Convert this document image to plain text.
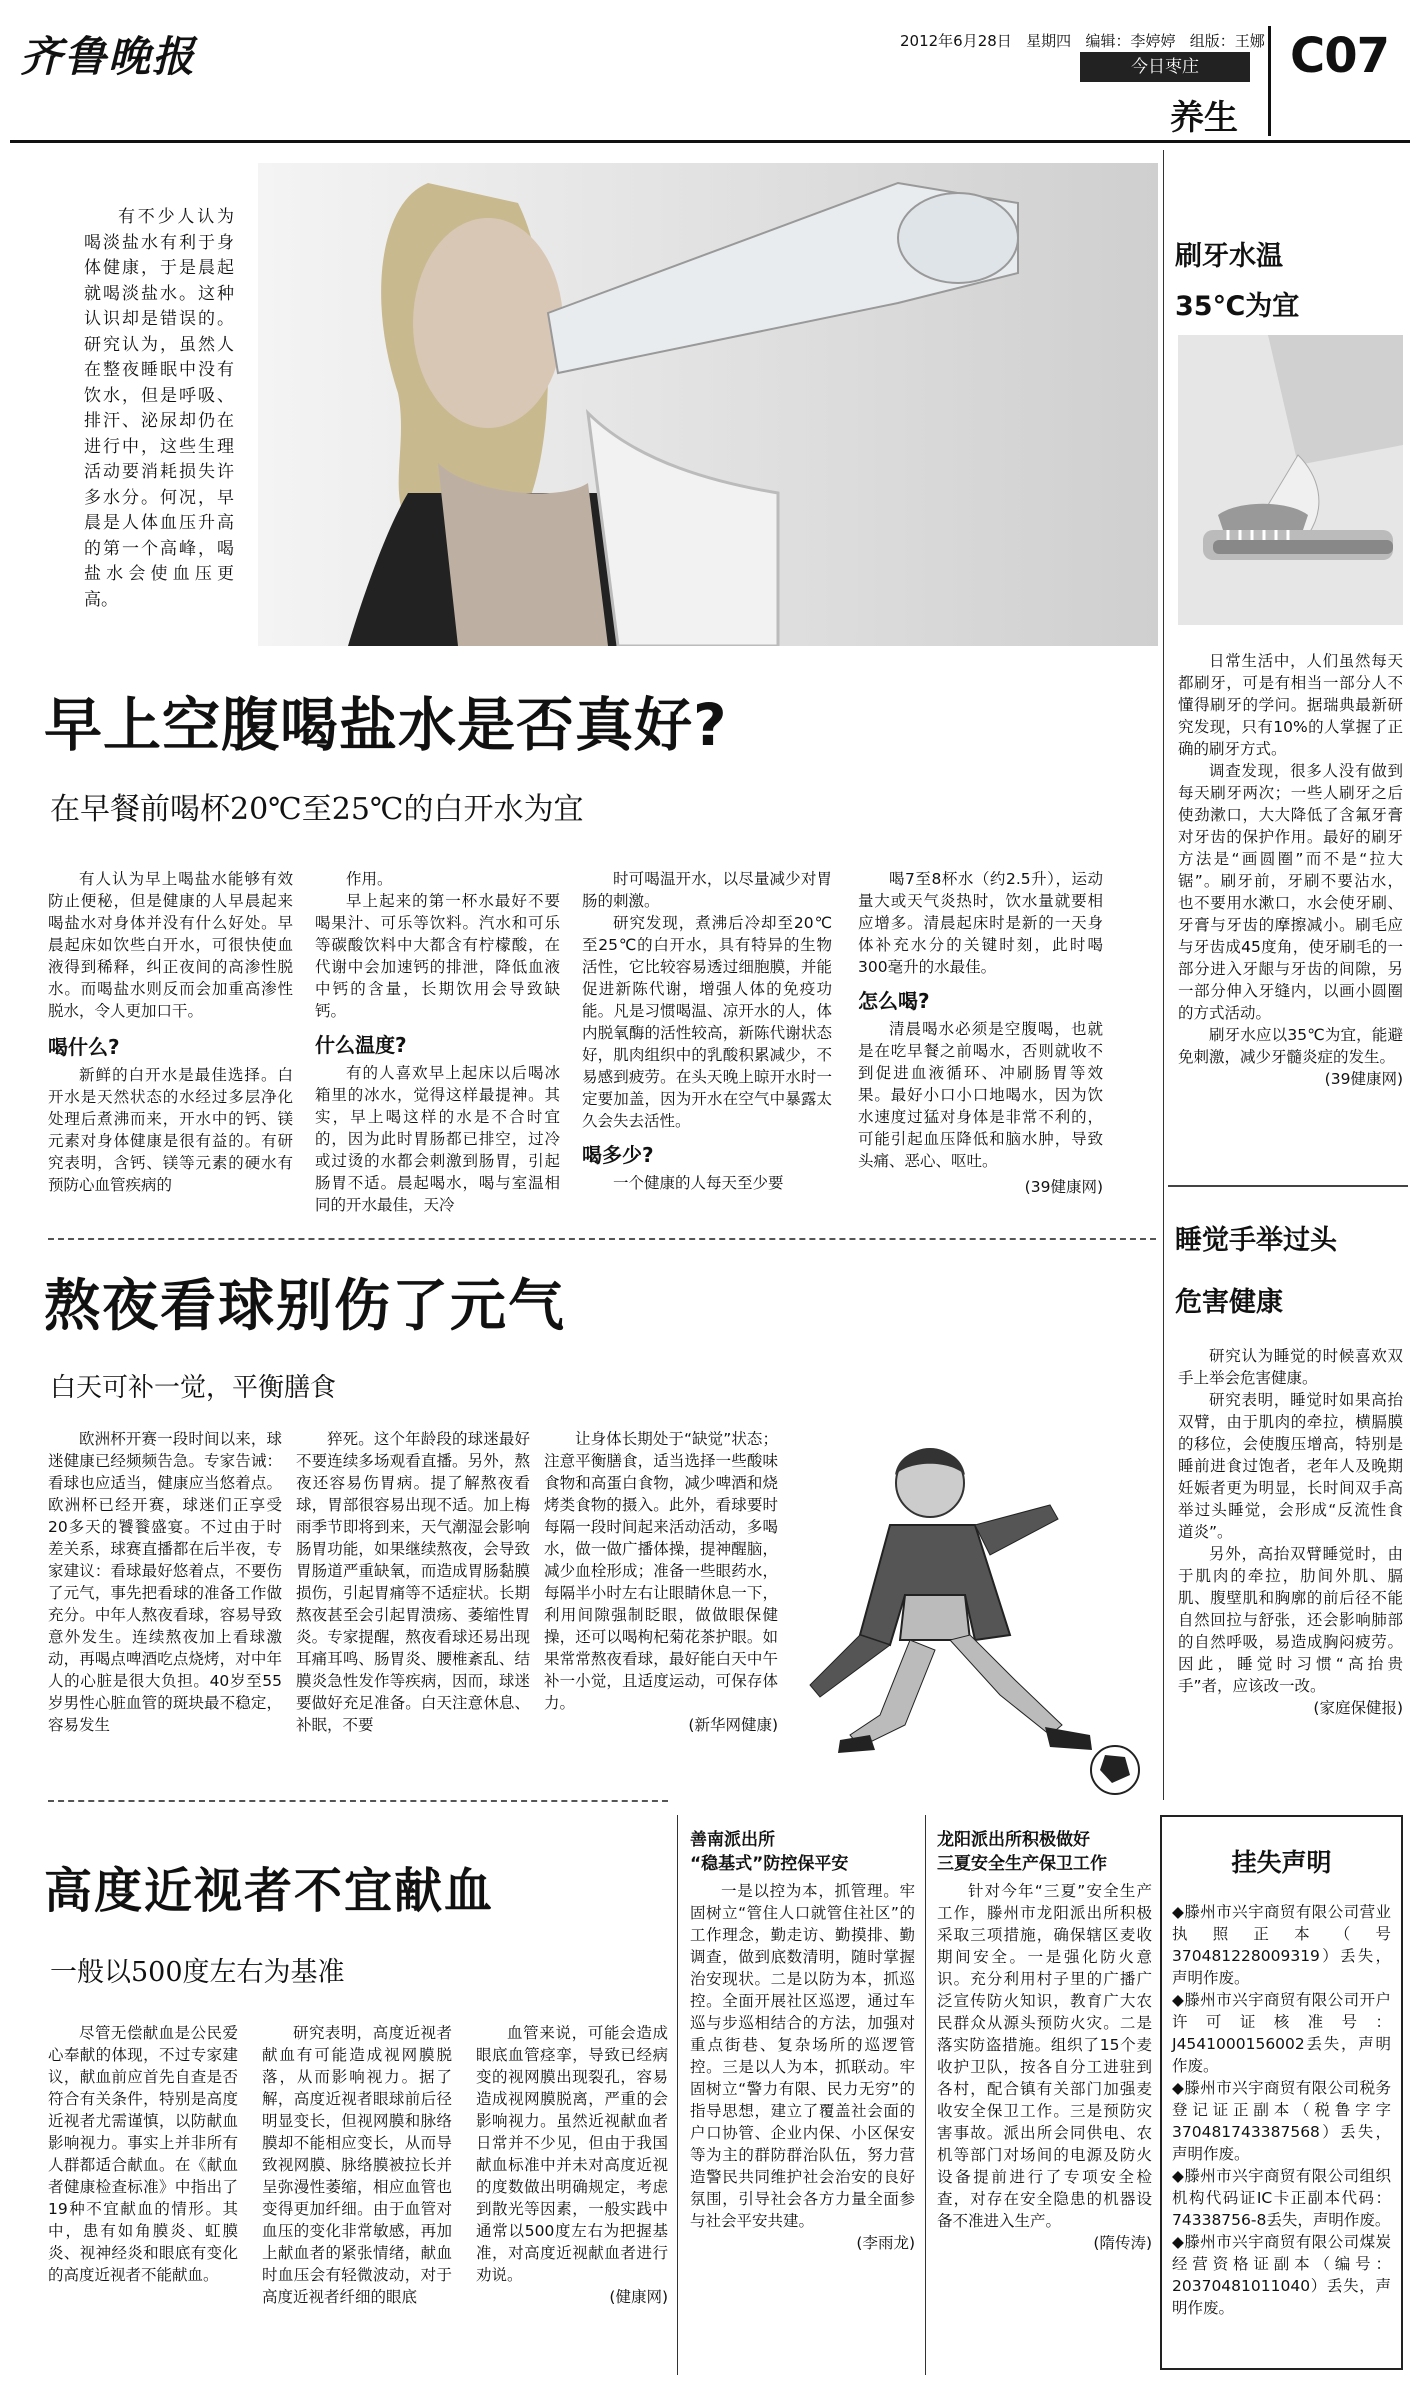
齐鲁晚报	2012年6月28日 星期四 编辑：李婷婷 组版：王娜
今日枣庄
养生
C07

有不少人认为喝淡盐水有利于身体健康，于是晨起就喝淡盐水。这种认识却是错误的。研究认为，虽然人在整夜睡眠中没有饮水，但是呼吸、排汗、泌尿却仍在进行中，这些生理活动要消耗损失许多水分。何况，早晨是人体血压升高的第一个高峰，喝盐水会使血压更高。

早上空腹喝盐水是否真好?
在早餐前喝杯20℃至25℃的白开水为宜

有人认为早上喝盐水能够有效防止便秘，但是健康的人早晨起来喝盐水对身体并没有什么好处。早晨起床如饮些白开水，可很快使血液得到稀释，纠正夜间的高渗性脱水。而喝盐水则反而会加重高渗性脱水，令人更加口干。

喝什么?

新鲜的白开水是最佳选择。白开水是天然状态的水经过多层净化处理后煮沸而来，开水中的钙、镁元素对身体健康是很有益的。有研究表明，含钙、镁等元素的硬水有预防心血管疾病的

作用。

早上起来的第一杯水最好不要喝果汁、可乐等饮料。汽水和可乐等碳酸饮料中大都含有柠檬酸，在代谢中会加速钙的排泄，降低血液中钙的含量，长期饮用会导致缺钙。

什么温度?

有的人喜欢早上起床以后喝冰箱里的冰水，觉得这样最提神。其实，早上喝这样的水是不合时宜的，因为此时胃肠都已排空，过冷或过烫的水都会刺激到肠胃，引起肠胃不适。晨起喝水，喝与室温相同的开水最佳，天冷

时可喝温开水，以尽量减少对胃肠的刺激。

研究发现，煮沸后冷却至20℃至25℃的白开水，具有特异的生物活性，它比较容易透过细胞膜，并能促进新陈代谢，增强人体的免疫功能。凡是习惯喝温、凉开水的人，体内脱氧酶的活性较高，新陈代谢状态好，肌肉组织中的乳酸积累减少，不易感到疲劳。在头天晚上晾开水时一定要加盖，因为开水在空气中暴露太久会失去活性。

喝多少?

一个健康的人每天至少要

喝7至8杯水（约2.5升），运动量大或天气炎热时，饮水量就要相应增多。清晨起床时是新的一天身体补充水分的关键时刻，此时喝300毫升的水最佳。

怎么喝?

清晨喝水必须是空腹喝，也就是在吃早餐之前喝水，否则就收不到促进血液循环、冲刷肠胃等效果。最好小口小口地喝水，因为饮水速度过猛对身体是非常不利的，可能引起血压降低和脑水肿，导致头痛、恶心、呕吐。

(39健康网)
刷牙水温
35℃为宜

日常生活中，人们虽然每天都刷牙，可是有相当一部分人不懂得刷牙的学问。据瑞典最新研究发现，只有10%的人掌握了正确的刷牙方式。

调查发现，很多人没有做到每天刷牙两次；一些人刷牙之后使劲漱口，大大降低了含氟牙膏对牙齿的保护作用。最好的刷牙方法是“画圆圈”而不是“拉大锯”。刷牙前，牙刷不要沾水，也不要用水漱口，水会使牙刷、牙膏与牙齿的摩擦减小。刷毛应与牙齿成45度角，使牙刷毛的一部分进入牙龈与牙齿的间隙，另一部分伸入牙缝内，以画小圆圈的方式活动。

刷牙水应以35℃为宜，能避免刺激，减少牙髓炎症的发生。

(39健康网)
睡觉手举过头
危害健康

研究认为睡觉的时候喜欢双手上举会危害健康。

研究表明，睡觉时如果高抬双臂，由于肌肉的牵拉，横膈膜的移位，会使腹压增高，特别是睡前进食过饱者，老年人及晚期妊娠者更为明显，长时间双手高举过头睡觉，会形成“反流性食道炎”。

另外，高抬双臂睡觉时，由于肌肉的牵拉，肋间外肌、膈肌、腹壁肌和胸廓的前后径不能自然回拉与舒张，还会影响肺部的自然呼吸，易造成胸闷疲劳。因此，睡觉时习惯“高抬贵手”者，应该改一改。

(家庭保健报)
熬夜看球别伤了元气
白天可补一觉，平衡膳食

欧洲杯开赛一段时间以来，球迷健康已经频频告急。专家告诫：看球也应适当，健康应当悠着点。欧洲杯已经开赛，球迷们正享受20多天的饕餮盛宴。不过由于时差关系，球赛直播都在后半夜，专家建议：看球最好悠着点，不要伤了元气，事先把看球的准备工作做充分。中年人熬夜看球，容易导致意外发生。连续熬夜加上看球激动，再喝点啤酒吃点烧烤，对中年人的心脏是很大负担。40岁至55岁男性心脏血管的斑块最不稳定，容易发生

猝死。这个年龄段的球迷最好不要连续多场观看直播。另外，熬夜还容易伤胃病。提了解熬夜看球，胃部很容易出现不适。加上梅雨季节即将到来，天气潮湿会影响肠胃功能，如果继续熬夜，会导致胃肠道严重缺氧，而造成胃肠黏膜损伤，引起胃痛等不适症状。长期熬夜甚至会引起胃溃疡、萎缩性胃炎。专家提醒，熬夜看球还易出现耳痛耳鸣、肠胃炎、腰椎紊乱、结膜炎急性发作等疾病，因而，球迷要做好充足准备。白天注意休息、补眠，不要

让身体长期处于“缺觉”状态；注意平衡膳食，适当选择一些酸味食物和高蛋白食物，减少啤酒和烧烤类食物的摄入。此外，看球要时每隔一段时间起来活动活动，多喝水，做一做广播体操，提神醒脑，减少血栓形成；准备一些眼药水，每隔半小时左右让眼睛休息一下，利用间隙强制眨眼，做做眼保健操，还可以喝枸杞菊花茶护眼。如果常常熬夜看球，最好能白天中午补一小觉，且适度运动，可保存体力。

(新华网健康)
高度近视者不宜献血
一般以500度左右为基准

尽管无偿献血是公民爱心奉献的体现，不过专家建议，献血前应首先自查是否符合有关条件，特别是高度近视者尤需谨慎，以防献血影响视力。事实上并非所有人群都适合献血。在《献血者健康检查标准》中指出了19种不宜献血的情形。其中，患有如角膜炎、虹膜炎、视神经炎和眼底有变化的高度近视者不能献血。

研究表明，高度近视者献血有可能造成视网膜脱落，从而影响视力。据了解，高度近视者眼球前后径明显变长，但视网膜和脉络膜却不能相应变长，从而导致视网膜、脉络膜被拉长并呈弥漫性萎缩，相应血管也变得更加纤细。由于血管对血压的变化非常敏感，再加上献血者的紧张情绪，献血时血压会有轻微波动，对于高度近视者纤细的眼底

血管来说，可能会造成眼底血管痉挛，导致已经病变的视网膜出现裂孔，容易造成视网膜脱离，严重的会影响视力。虽然近视献血者日常并不少见，但由于我国献血标准中并未对高度近视的度数做出明确规定，考虑到散光等因素，一般实践中通常以500度左右为把握基准，对高度近视献血者进行劝说。

(健康网)
善南派出所
“稳基式”防控保平安

一是以控为本，抓管理。牢固树立“管住人口就管住社区”的工作理念，勤走访、勤摸排、勤调查，做到底数清明，随时掌握治安现状。二是以防为本，抓巡控。全面开展社区巡逻，通过车巡与步巡相结合的方法，加强对重点街巷、复杂场所的巡逻管控。三是以人为本，抓联动。牢固树立“警力有限、民力无穷”的指导思想，建立了覆盖社会面的户口协管、企业内保、小区保安等为主的群防群治队伍，努力营造警民共同维护社会治安的良好氛围，引导社会各方力量全面参与社会平安共建。

(李雨龙)
龙阳派出所积极做好
三夏安全生产保卫工作

针对今年“三夏”安全生产工作，滕州市龙阳派出所积极采取三项措施，确保辖区麦收期间安全。一是强化防火意识。充分利用村子里的广播广泛宣传防火知识，教育广大农民群众从源头预防火灾。二是落实防盗措施。组织了15个麦收护卫队，按各自分工进驻到各村，配合镇有关部门加强麦收安全保卫工作。三是预防灾害事故。派出所会同供电、农机等部门对场间的电源及防火设备提前进行了专项安全检查，对存在安全隐患的机器设备不准进入生产。

(隋传涛)
挂失声明
◆滕州市兴宇商贸有限公司营业执照正本（号370481228009319）丢失，声明作废。
◆滕州市兴宇商贸有限公司开户许可证核准号：J4541000156002丢失，声明作废。
◆滕州市兴宇商贸有限公司税务登记证正副本（税鲁字字370481743387568）丢失，声明作废。
◆滕州市兴宇商贸有限公司组织机构代码证IC卡正副本代码：74338756-8丢失，声明作废。
◆滕州市兴宇商贸有限公司煤炭经营资格证副本（编号：20370481011040）丢失，声明作废。
